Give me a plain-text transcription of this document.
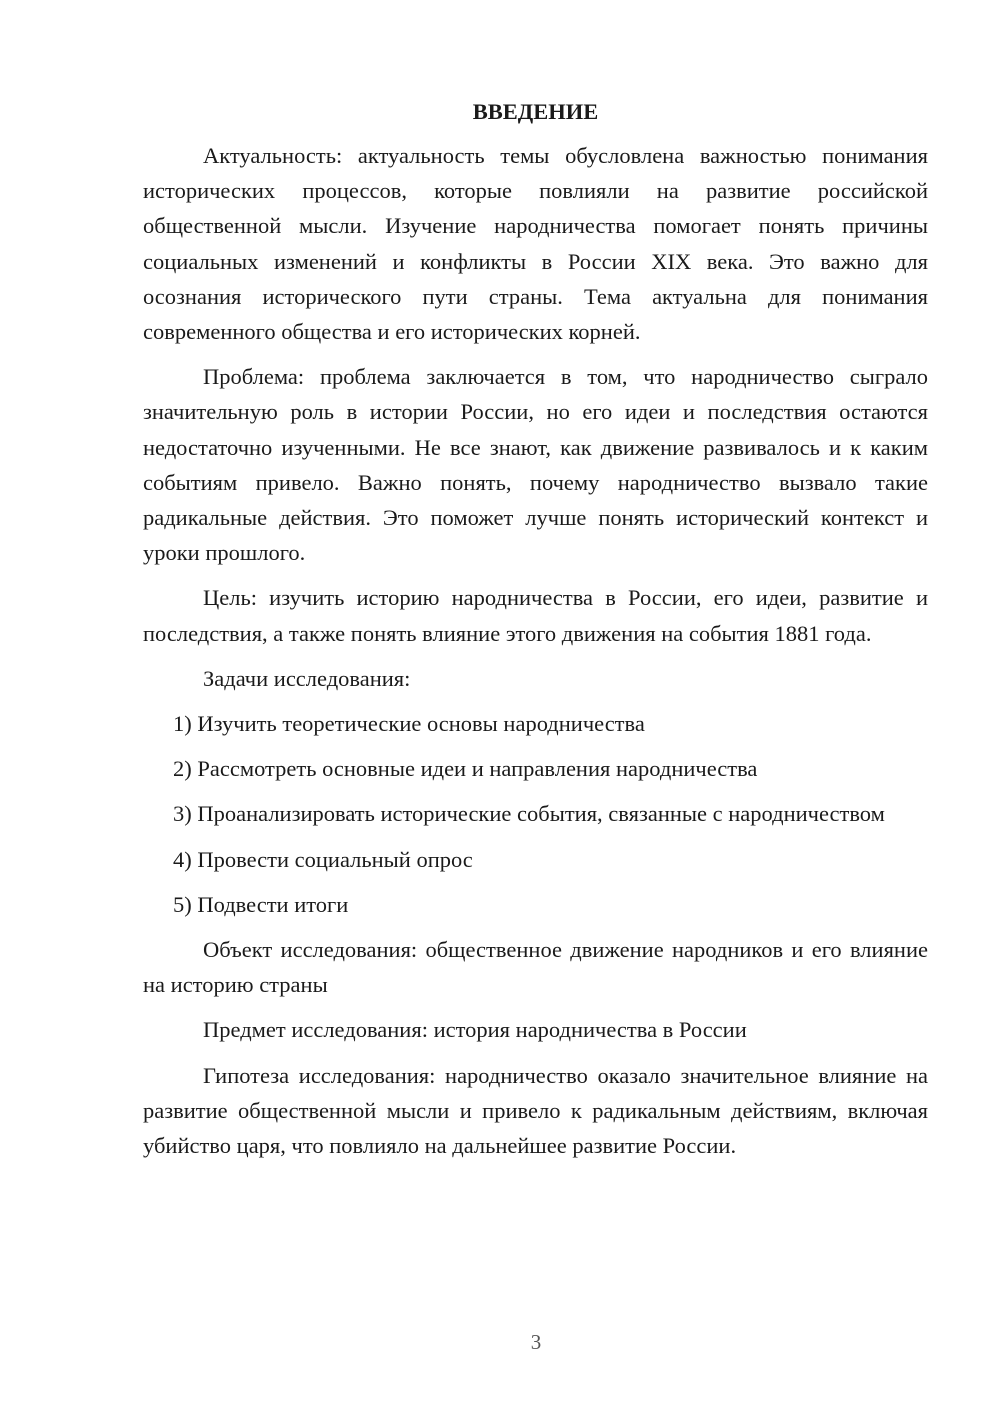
ВВЕДЕНИЕ

Актуальность: актуальность темы обусловлена важностью понимания исторических процессов, которые повлияли на развитие российской общественной мысли. Изучение народничества помогает понять причины социальных изменений и конфликты в России XIX века. Это важно для осознания исторического пути страны. Тема актуальна для понимания современного общества и его исторических корней.

Проблема: проблема заключается в том, что народничество сыграло значительную роль в истории России, но его идеи и последствия остаются недостаточно изученными. Не все знают, как движение развивалось и к каким событиям привело. Важно понять, почему народничество вызвало такие радикальные действия. Это поможет лучше понять исторический контекст и уроки прошлого.

Цель: изучить историю народничества в России, его идеи, развитие и последствия, а также понять влияние этого движения на события 1881 года.

Задачи исследования:

1) Изучить теоретические основы народничества

2) Рассмотреть основные идеи и направления народничества

3) Проанализировать исторические события, связанные с народничеством

4) Провести социальный опрос

5) Подвести итоги

Объект исследования: общественное движение народников и его влияние на историю страны

Предмет исследования: история народничества в России

Гипотеза исследования: народничество оказало значительное влияние на развитие общественной мысли и привело к радикальным действиям, включая убийство царя, что повлияло на дальнейшее развитие России.

3
